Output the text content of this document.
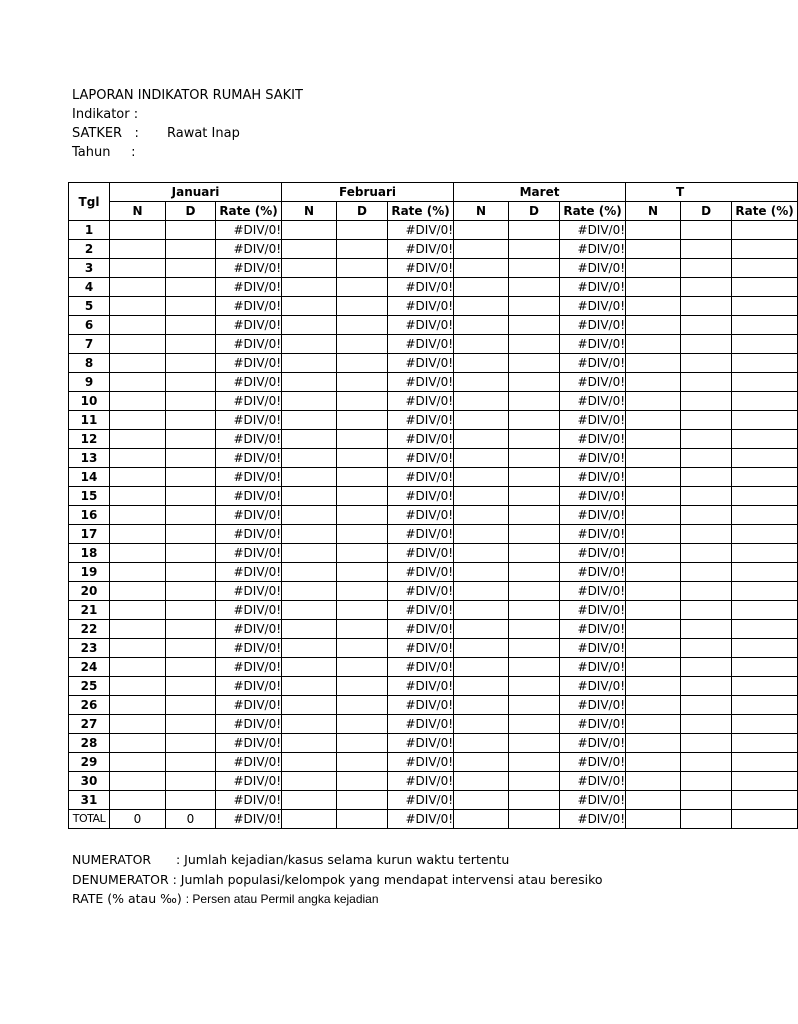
LAPORAN INDIKATOR RUMAH SAKIT
Indikator :
SATKER   : Rawat Inap
Tahun     :
Tgl	Januari			Februari			Maret			T		
	N	D	Rate (%)	N	D	Rate (%)	N	D	Rate (%)	N	D	Rate (%)
1			#DIV/0!			#DIV/0!			#DIV/0!			
2			#DIV/0!			#DIV/0!			#DIV/0!			
3			#DIV/0!			#DIV/0!			#DIV/0!			
4			#DIV/0!			#DIV/0!			#DIV/0!			
5			#DIV/0!			#DIV/0!			#DIV/0!			
6			#DIV/0!			#DIV/0!			#DIV/0!			
7			#DIV/0!			#DIV/0!			#DIV/0!			
8			#DIV/0!			#DIV/0!			#DIV/0!			
9			#DIV/0!			#DIV/0!			#DIV/0!			
10			#DIV/0!			#DIV/0!			#DIV/0!			
11			#DIV/0!			#DIV/0!			#DIV/0!			
12			#DIV/0!			#DIV/0!			#DIV/0!			
13			#DIV/0!			#DIV/0!			#DIV/0!			
14			#DIV/0!			#DIV/0!			#DIV/0!			
15			#DIV/0!			#DIV/0!			#DIV/0!			
16			#DIV/0!			#DIV/0!			#DIV/0!			
17			#DIV/0!			#DIV/0!			#DIV/0!			
18			#DIV/0!			#DIV/0!			#DIV/0!			
19			#DIV/0!			#DIV/0!			#DIV/0!			
20			#DIV/0!			#DIV/0!			#DIV/0!			
21			#DIV/0!			#DIV/0!			#DIV/0!			
22			#DIV/0!			#DIV/0!			#DIV/0!			
23			#DIV/0!			#DIV/0!			#DIV/0!			
24			#DIV/0!			#DIV/0!			#DIV/0!			
25			#DIV/0!			#DIV/0!			#DIV/0!			
26			#DIV/0!			#DIV/0!			#DIV/0!			
27			#DIV/0!			#DIV/0!			#DIV/0!			
28			#DIV/0!			#DIV/0!			#DIV/0!			
29			#DIV/0!			#DIV/0!			#DIV/0!			
30			#DIV/0!			#DIV/0!			#DIV/0!			
31			#DIV/0!			#DIV/0!			#DIV/0!			
TOTAL	0	0	#DIV/0!			#DIV/0!			#DIV/0!			
NUMERATOR : Jumlah kejadian/kasus selama kurun waktu tertentu
DENUMERATOR : Jumlah populasi/kelompok yang mendapat intervensi atau beresiko
RATE (% atau ‰) : Persen atau Permil angka kejadian
